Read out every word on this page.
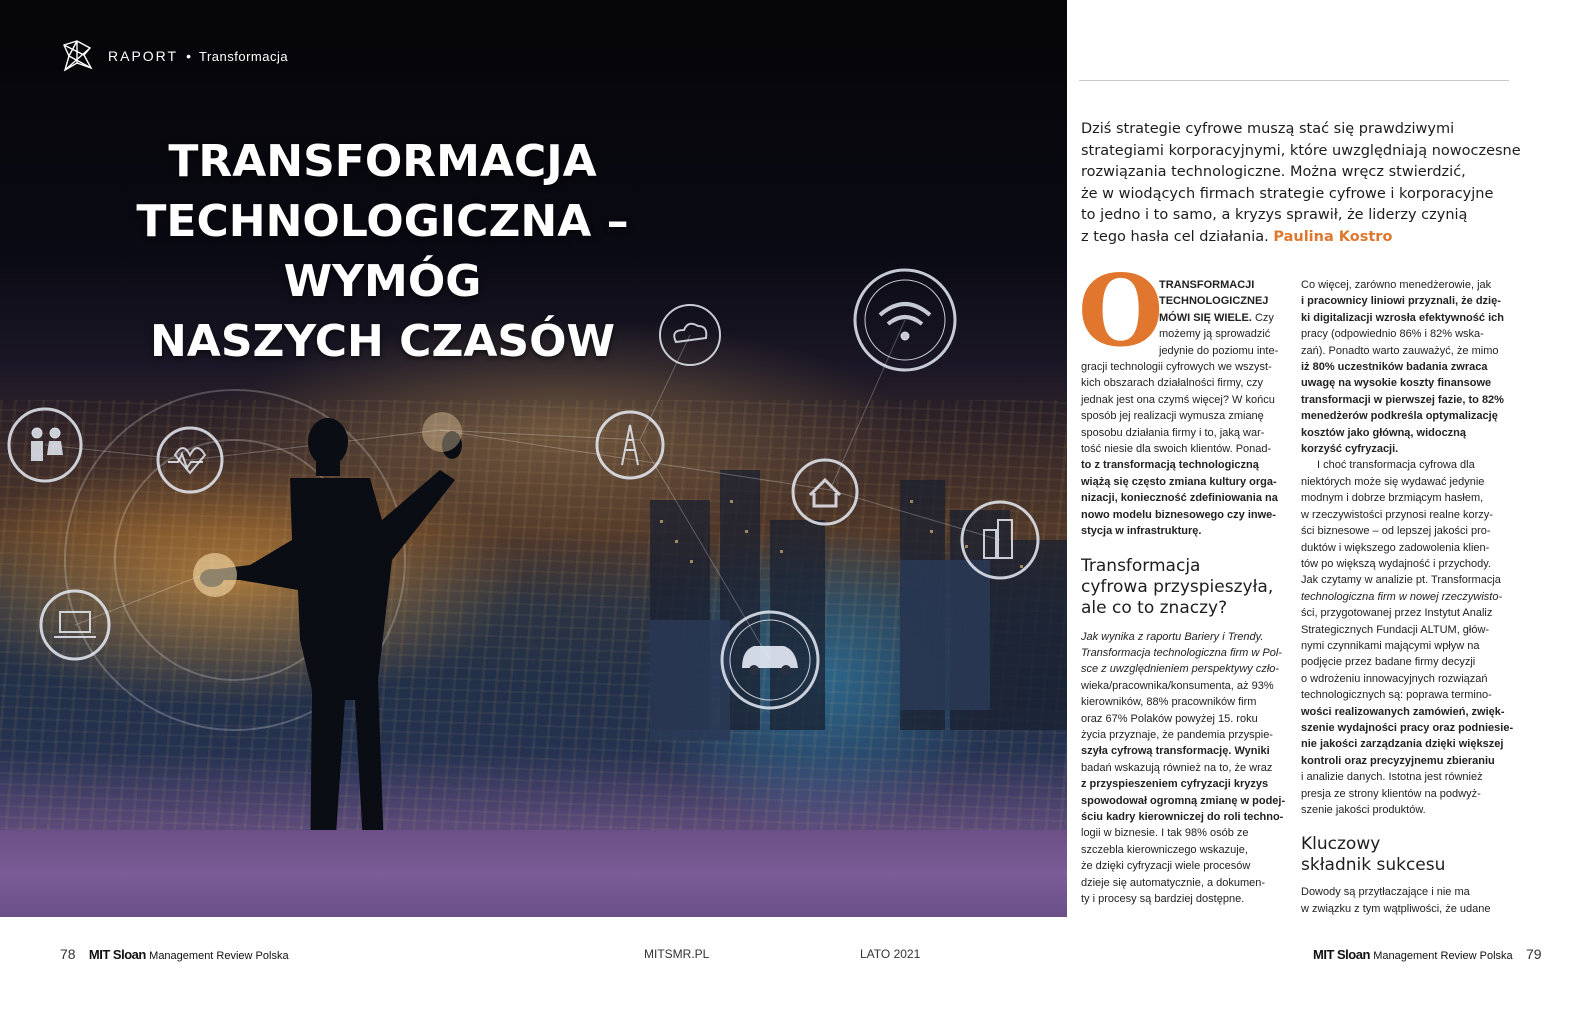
RAPORT • Transformacja
TRANSFORMACJA
TECHNOLOGICZNA –
WYMÓG
NASZYCH CZASÓW
Dziś strategie cyfrowe muszą stać się prawdziwymi
strategiami korporacyjnymi, które uwzględniają nowoczesne
rozwiązania technologiczne. Można wręcz stwierdzić,
że w wiodących firmach strategie cyfrowe i korporacyjne
to jedno i to samo, a kryzys sprawił, że liderzy czynią
z tego hasła cel działania. Paulina Kostro
O
TRANSFORMACJI
TECHNOLOGICZNEJ
MÓWI SIĘ WIELE. Czy
możemy ją sprowadzić
jedynie do poziomu inte-
gracji technologii cyfrowych we wszyst-
kich obszarach działalności firmy, czy
jednak jest ona czymś więcej? W końcu
sposób jej realizacji wymusza zmianę
sposobu działania firmy i to, jaką war-
tość niesie dla swoich klientów. Ponad-
to z transformacją technologiczną
wiążą się często zmiana kultury orga-
nizacji, konieczność zdefiniowania na
nowo modelu biznesowego czy inwe-
stycja w infrastrukturę.
Transformacja
cyfrowa przyspieszyła,
ale co to znaczy?
Jak wynika z raportu Bariery i Trendy.
Transformacja technologiczna firm w Pol-
sce z uwzględnieniem perspektywy czło-
wieka/pracownika/konsumenta, aż 93%
kierowników, 88% pracowników firm
oraz 67% Polaków powyżej 15. roku
życia przyznaje, że pandemia przyspie-
szyła cyfrową transformację. Wyniki
badań wskazują również na to, że wraz
z przyspieszeniem cyfryzacji kryzys
spowodował ogromną zmianę w podej-
ściu kadry kierowniczej do roli techno-
logii w biznesie. I tak 98% osób ze
szczebla kierowniczego wskazuje,
że dzięki cyfryzacji wiele procesów
dzieje się automatycznie, a dokumen-
ty i procesy są bardziej dostępne.
Co więcej, zarówno menedżerowie, jak
i pracownicy liniowi przyznali, że dzię-
ki digitalizacji wzrosła efektywność ich
pracy (odpowiednio 86% i 82% wska-
zań). Ponadto warto zauważyć, że mimo
iż 80% uczestników badania zwraca
uwagę na wysokie koszty finansowe
transformacji w pierwszej fazie, to 82%
menedżerów podkreśla optymalizację
kosztów jako główną, widoczną
korzyść cyfryzacji.
I choć transformacja cyfrowa dla
niektórych może się wydawać jedynie
modnym i dobrze brzmiącym hasłem,
w rzeczywistości przynosi realne korzy-
ści biznesowe – od lepszej jakości pro-
duktów i większego zadowolenia klien-
tów po większą wydajność i przychody.
Jak czytamy w analizie pt. Transformacja
technologiczna firm w nowej rzeczywisto-
ści, przygotowanej przez Instytut Analiz
Strategicznych Fundacji ALTUM, głów-
nymi czynnikami mającymi wpływ na
podjęcie przez badane firmy decyzji
o wdrożeniu innowacyjnych rozwiązań
technologicznych są: poprawa termino-
wości realizowanych zamówień, zwięk-
szenie wydajności pracy oraz podniesie-
nie jakości zarządzania dzięki większej
kontroli oraz precyzyjnemu zbieraniu
i analizie danych. Istotna jest również
presja ze strony klientów na podwyż-
szenie jakości produktów.
Kluczowy
składnik sukcesu
Dowody są przytłaczające i nie ma
w związku z tym wątpliwości, że udane
78 MIT Sloan Management Review Polska	MITSMR.PL	LATO 2021	MIT Sloan Management Review Polska 79
